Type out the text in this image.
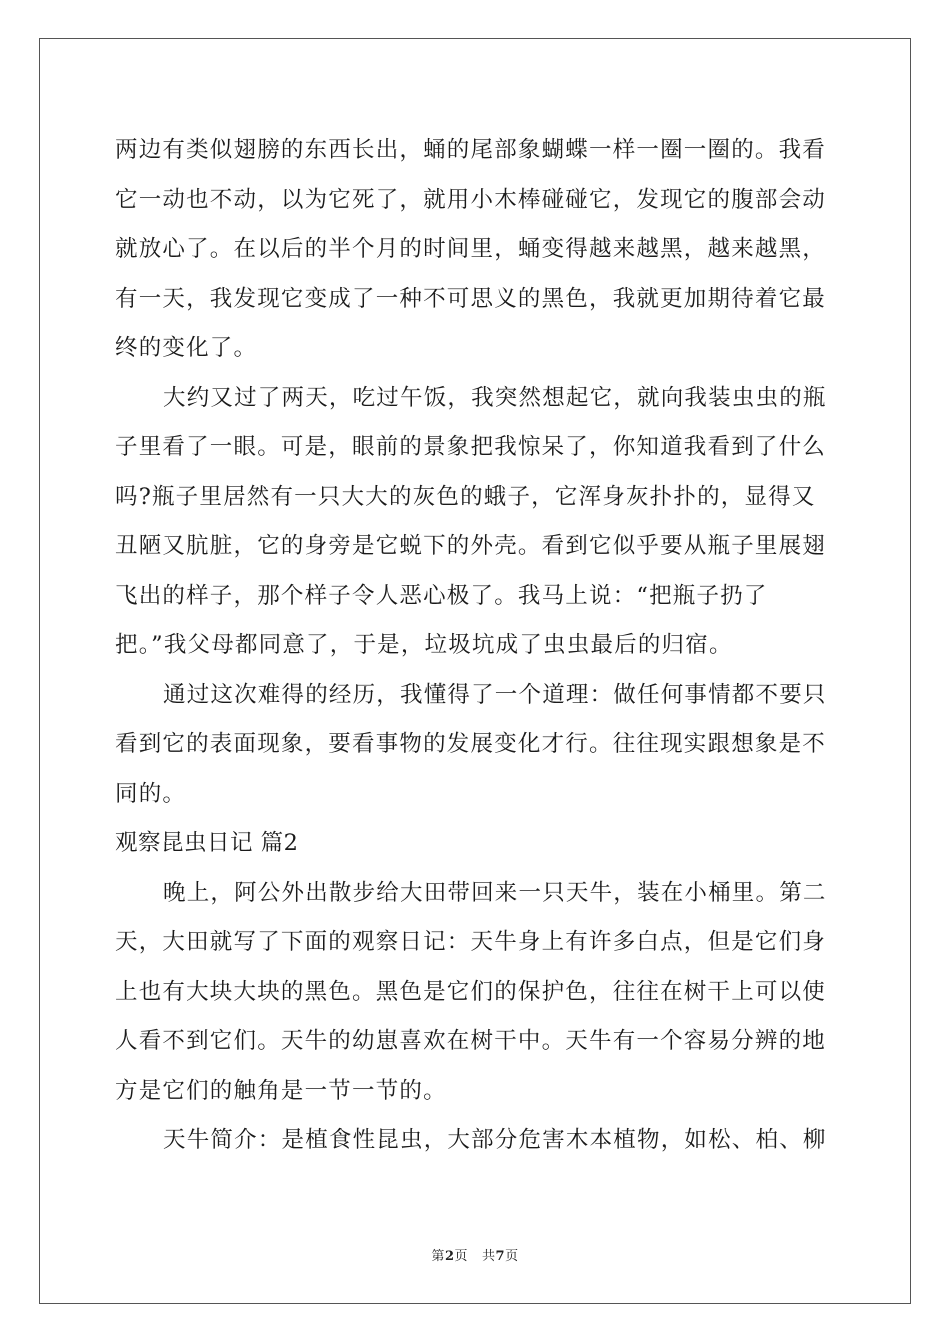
两边有类似翅膀的东西长出，蛹的尾部象蝴蝶一样一圈一圈的。我看
它一动也不动，以为它死了，就用小木棒碰碰它，发现它的腹部会动
就放心了。在以后的半个月的时间里，蛹变得越来越黑，越来越黑，
有一天，我发现它变成了一种不可思义的黑色，我就更加期待着它最
终的变化了。
大约又过了两天，吃过午饭，我突然想起它，就向我装虫虫的瓶
子里看了一眼。可是，眼前的景象把我惊呆了，你知道我看到了什么
吗?瓶子里居然有一只大大的灰色的蛾子，它浑身灰扑扑的，显得又
丑陋又肮脏，它的身旁是它蜕下的外壳。看到它似乎要从瓶子里展翅
飞出的样子，那个样子令人恶心极了。我马上说：“把瓶子扔了
把。”我父母都同意了，于是，垃圾坑成了虫虫最后的归宿。
通过这次难得的经历，我懂得了一个道理：做任何事情都不要只
看到它的表面现象，要看事物的发展变化才行。往往现实跟想象是不
同的。
观察昆虫日记 篇2
晚上，阿公外出散步给大田带回来一只天牛，装在小桶里。第二
天，大田就写了下面的观察日记：天牛身上有许多白点，但是它们身
上也有大块大块的黑色。黑色是它们的保护色，往往在树干上可以使
人看不到它们。天牛的幼崽喜欢在树干中。天牛有一个容易分辨的地
方是它们的触角是一节一节的。
天牛简介：是植食性昆虫，大部分危害木本植物，如松、柏、柳
第2页 共7页
